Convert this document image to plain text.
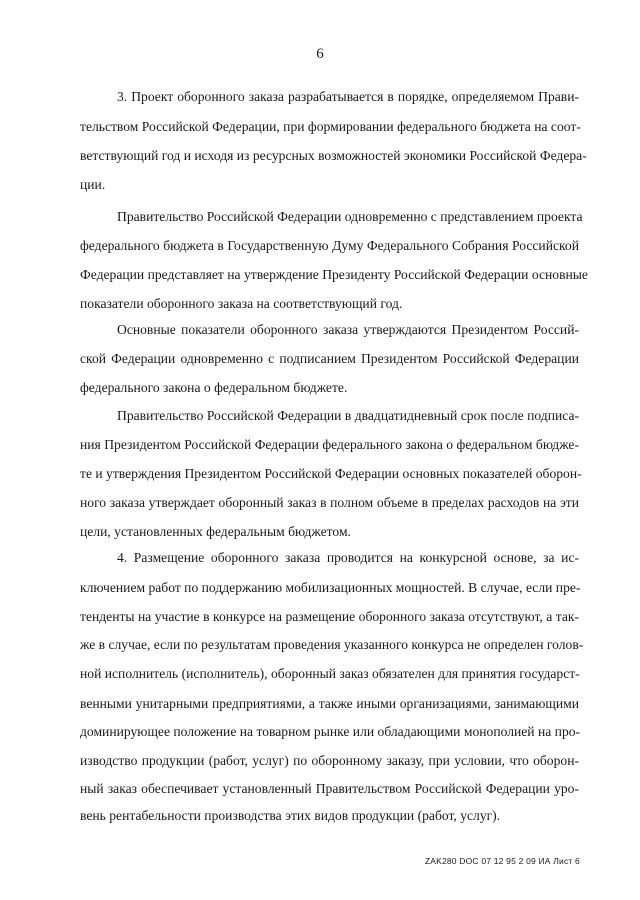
6
3. Проект оборонного заказа разрабатывается в порядке, определяемом Прави-
тельством Российской Федерации, при формировании федерального бюджета на соот-
ветствующий год и исходя из ресурсных возможностей экономики Российской Федера-
ции.
Правительство Российской Федерации одновременно с представлением проекта
федерального бюджета в Государственную Думу Федерального Собрания Российской
Федерации представляет на утверждение Президенту Российской Федерации основные
показатели оборонного заказа на соответствующий год.
Основные показатели оборонного заказа утверждаются Президентом Россий-
ской Федерации одновременно с подписанием Президентом Российской Федерации
федерального закона о федеральном бюджете.
Правительство Российской Федерации в двадцатидневный срок после подписа-
ния Президентом Российской Федерации федерального закона о федеральном бюдже-
те и утверждения Президентом Российской Федерации основных показателей оборон-
ного заказа утверждает оборонный заказ в полном объеме в пределах расходов на эти
цели, установленных федеральным бюджетом.
4. Размещение оборонного заказа проводится на конкурсной основе, за ис-
ключением работ по поддержанию мобилизационных мощностей. В случае, если пре-
тенденты на участие в конкурсе на размещение оборонного заказа отсутствуют, а так-
же в случае, если по результатам проведения указанного конкурса не определен голов-
ной исполнитель (исполнитель), оборонный заказ обязателен для принятия государст-
венными унитарными предприятиями, а также иными организациями, занимающими
доминирующее положение на товарном рынке или обладающими монополией на про-
изводство продукции (работ, услуг) по оборонному заказу, при условии, что оборон-
ный заказ обеспечивает установленный Правительством Российской Федерации уро-
вень рентабельности производства этих видов продукции (работ, услуг).
ZAK280 DOC 07 12 95 2 09 ИА Лист 6
